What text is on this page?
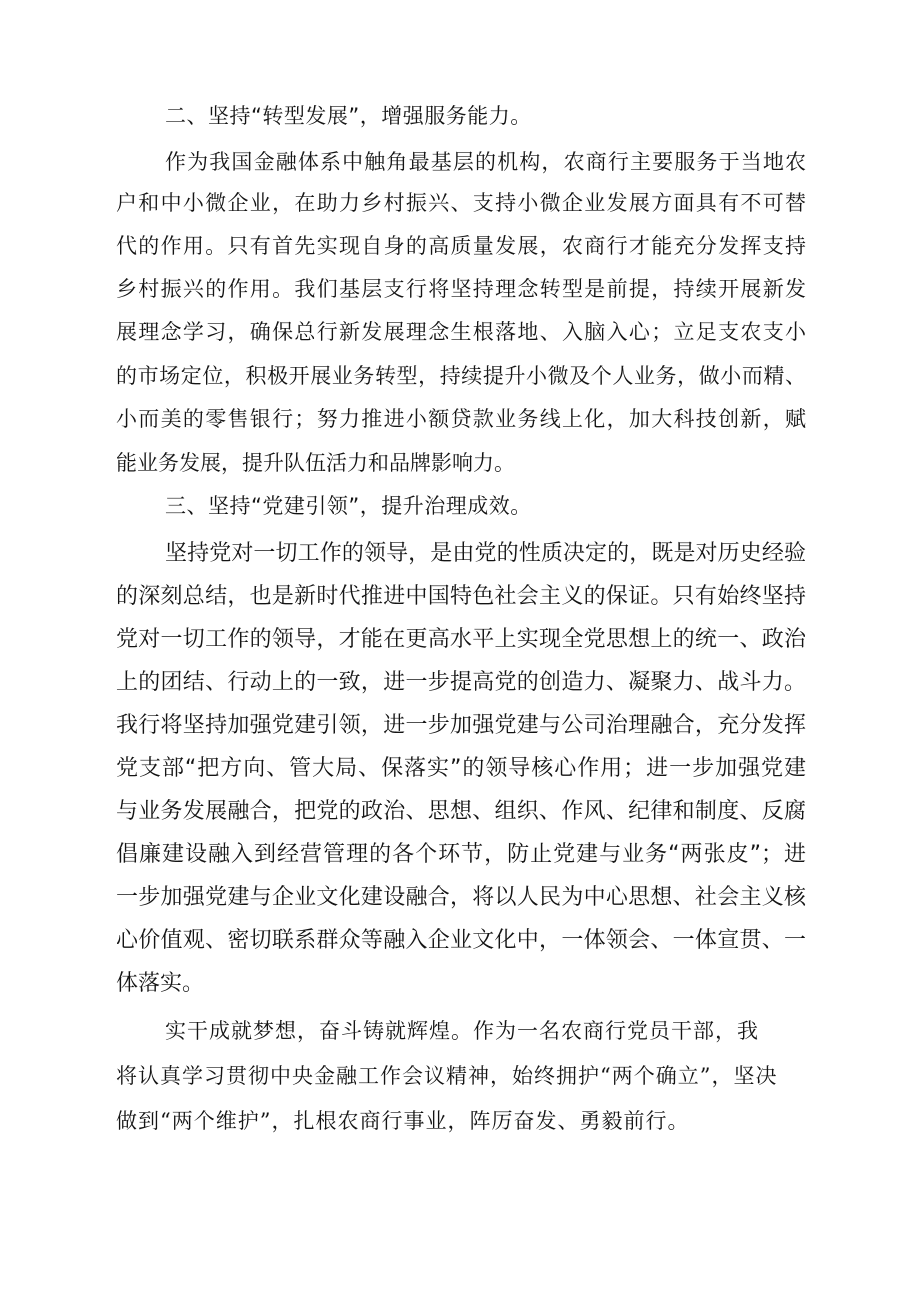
二、坚持“转型发展”，增强服务能力。
作为我国金融体系中触角最基层的机构，农商行主要服务于当地农
户和中小微企业，在助力乡村振兴、支持小微企业发展方面具有不可替
代的作用。只有首先实现自身的高质量发展，农商行才能充分发挥支持
乡村振兴的作用。我们基层支行将坚持理念转型是前提，持续开展新发
展理念学习，确保总行新发展理念生根落地、入脑入心；立足支农支小
的市场定位，积极开展业务转型，持续提升小微及个人业务，做小而精、
小而美的零售银行；努力推进小额贷款业务线上化，加大科技创新，赋
能业务发展，提升队伍活力和品牌影响力。
三、坚持“党建引领”，提升治理成效。
坚持党对一切工作的领导，是由党的性质决定的，既是对历史经验
的深刻总结，也是新时代推进中国特色社会主义的保证。只有始终坚持
党对一切工作的领导，才能在更高水平上实现全党思想上的统一、政治
上的团结、行动上的一致，进一步提高党的创造力、凝聚力、战斗力。
我行将坚持加强党建引领，进一步加强党建与公司治理融合，充分发挥
党支部“把方向、管大局、保落实”的领导核心作用；进一步加强党建
与业务发展融合，把党的政治、思想、组织、作风、纪律和制度、反腐
倡廉建设融入到经营管理的各个环节，防止党建与业务“两张皮”；进
一步加强党建与企业文化建设融合，将以人民为中心思想、社会主义核
心价值观、密切联系群众等融入企业文化中，一体领会、一体宣贯、一
体落实。
实干成就梦想，奋斗铸就辉煌。作为一名农商行党员干部，我
将认真学习贯彻中央金融工作会议精神，始终拥护“两个确立”，坚决
做到“两个维护”，扎根农商行事业，阵厉奋发、勇毅前行。
